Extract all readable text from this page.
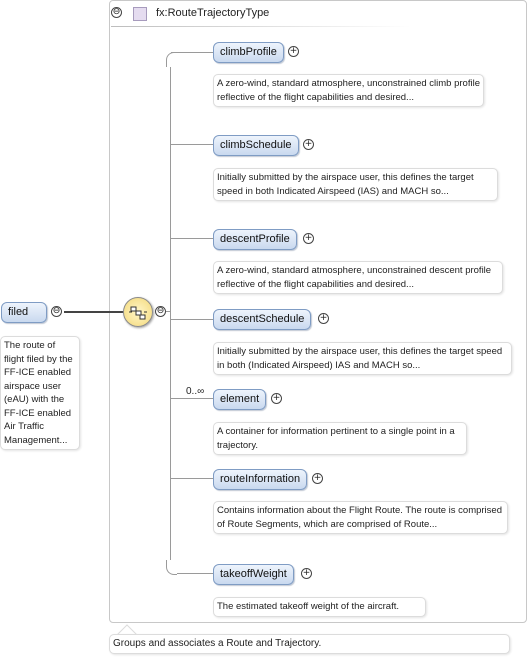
⊖	fx:RouteTrajectoryType
filed	⊖
The route of flight filed by the FF-ICE enabled airspace user (eAU) with the FF-ICE enabled Air Traffic Management...
⊖
climbProfile	+
A zero-wind, standard atmosphere, unconstrained climb profile reflective of the flight capabilities and desired...
climbSchedule	+
Initially submitted by the airspace user, this defines the target speed in both Indicated Airspeed (IAS) and MACH so...
descentProfile	+
A zero-wind, standard atmosphere, unconstrained descent profile reflective of the flight capabilities and desired...
descentSchedule	+
Initially submitted by the airspace user, this defines the target speed in both (Indicated Airspeed) IAS and MACH so...
0..∞
element	+
A container for information pertinent to a single point in a trajectory.
routeInformation	+
Contains information about the Flight Route. The route is comprised of Route Segments, which are comprised of Route...
takeoffWeight	+
The estimated takeoff weight of the aircraft.
Groups and associates a Route and Trajectory.
